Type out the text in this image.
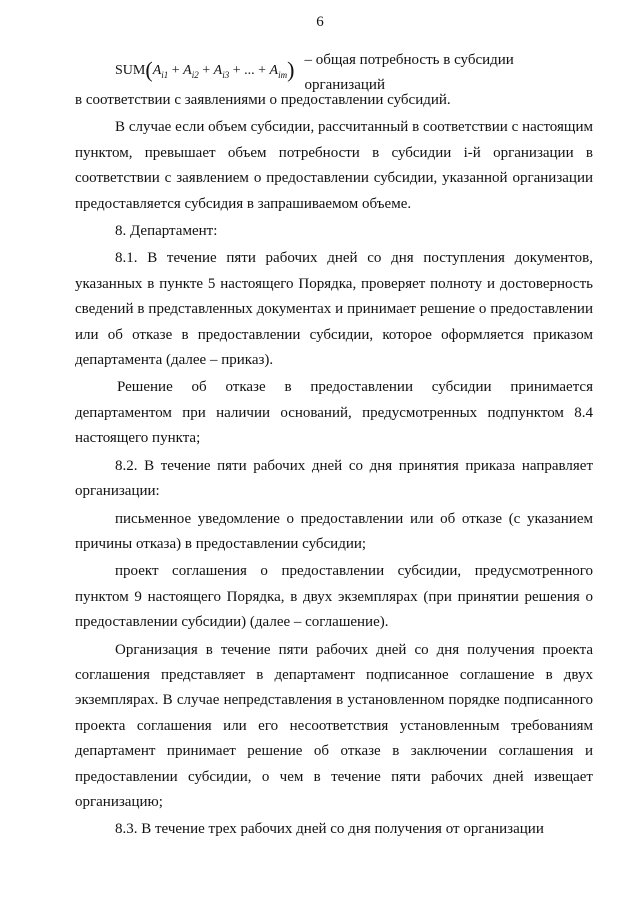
6
$SUM(A_{i1} + A_{i2} + A_{i3}$ + ... + $A_{im}$) – общая потребность в субсидии организаций

в соответствии с заявлениями о предоставлении субсидий.

В случае если объем субсидии, рассчитанный в соответствии с настоящим пунктом, превышает объем потребности в субсидии i-й организации в соответствии с заявлением о предоставлении субсидии, указанной организации предоставляется субсидия в запрашиваемом объеме.

8. Департамент:

8.1. В течение пяти рабочих дней со дня поступления документов, указанных в пункте 5 настоящего Порядка, проверяет полноту и достоверность сведений в представленных документах и принимает решение о предоставлении или об отказе в предоставлении субсидии, которое оформляется приказом департамента (далее – приказ).

Решение об отказе в предоставлении субсидии принимается департаментом при наличии оснований, предусмотренных подпунктом 8.4 настоящего пункта;

8.2. В течение пяти рабочих дней со дня принятия приказа направляет организации:

письменное уведомление о предоставлении или об отказе (с указанием причины отказа) в предоставлении субсидии;

проект соглашения о предоставлении субсидии, предусмотренного пунктом 9 настоящего Порядка, в двух экземплярах (при принятии решения о предоставлении субсидии) (далее – соглашение).

Организация в течение пяти рабочих дней со дня получения проекта соглашения представляет в департамент подписанное соглашение в двух экземплярах. В случае непредставления в установленном порядке подписанного проекта соглашения или его несоответствия установленным требованиям департамент принимает решение об отказе в заключении соглашения и предоставлении субсидии, о чем в течение пяти рабочих дней извещает организацию;

8.3. В течение трех рабочих дней со дня получения от организации
